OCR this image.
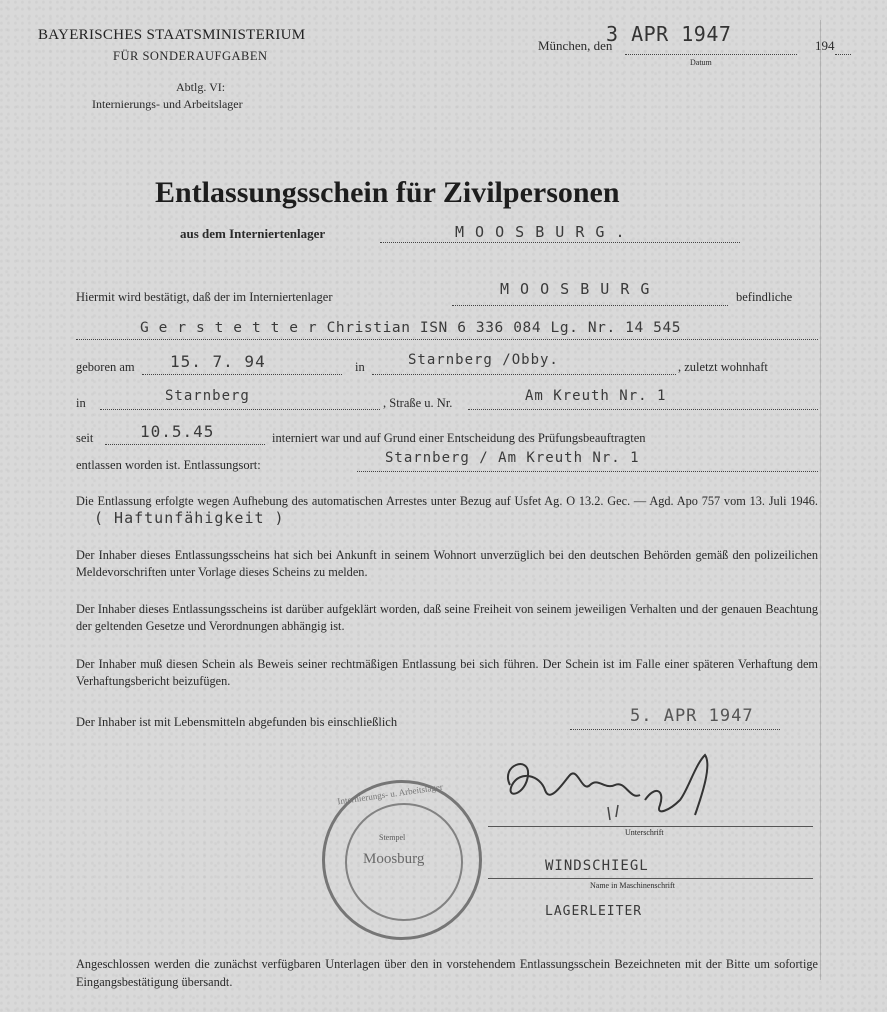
BAYERISCHES STAATSMINISTERIUM
FÜR SONDERAUFGABEN
Abtlg. VI:
Internierungs- und Arbeitslager
München, den
3 APR 1947
Datum
194
Entlassungsschein für Zivilpersonen
aus dem Interniertenlager	M O O S B U R G .
Hiermit wird bestätigt, daß der im Interniertenlager	M O O S B U R G	befindliche
G e r s t e t t e r Christian ISN 6 336 084 Lg. Nr. 14 545
geboren am 15. 7. 94	in	Starnberg /Obby.	, zuletzt wohnhaft
in	Starnberg	, Straße u. Nr.	Am Kreuth Nr. 1
seit	10.5.45	interniert war und auf Grund einer Entscheidung des Prüfungsbeauftragten
entlassen worden ist. Entlassungsort:	Starnberg / Am Kreuth Nr. 1
Die Entlassung erfolgte wegen Aufhebung des automatischen Arrestes unter Bezug auf Usfet Ag. O 13.2. Gec. — Agd. Apo 757 vom 13. Juli 1946. ( Haftunfähigkeit )
Der Inhaber dieses Entlassungsscheins hat sich bei Ankunft in seinem Wohnort unverzüglich bei den deutschen Behörden gemäß den polizeilichen Meldevorschriften unter Vorlage dieses Scheins zu melden.
Der Inhaber dieses Entlassungsscheins ist darüber aufgeklärt worden, daß seine Freiheit von seinem jeweiligen Verhalten und der genauen Beachtung der geltenden Gesetze und Verordnungen abhängig ist.
Der Inhaber muß diesen Schein als Beweis seiner rechtmäßigen Entlassung bei sich führen. Der Schein ist im Falle einer späteren Verhaftung dem Verhaftungsbericht beizufügen.
Der Inhaber ist mit Lebensmitteln abgefunden bis einschließlich	5. APR 1947
Unterschrift
Stempel
Moosburg
Internierungs- u. Arbeitslager
WINDSCHIEGL
Name in Maschinenschrift
LAGERLEITER
Angeschlossen werden die zunächst verfügbaren Unterlagen über den in vorstehendem Entlassungsschein Bezeichneten mit der Bitte um sofortige Eingangsbestätigung übersandt.
